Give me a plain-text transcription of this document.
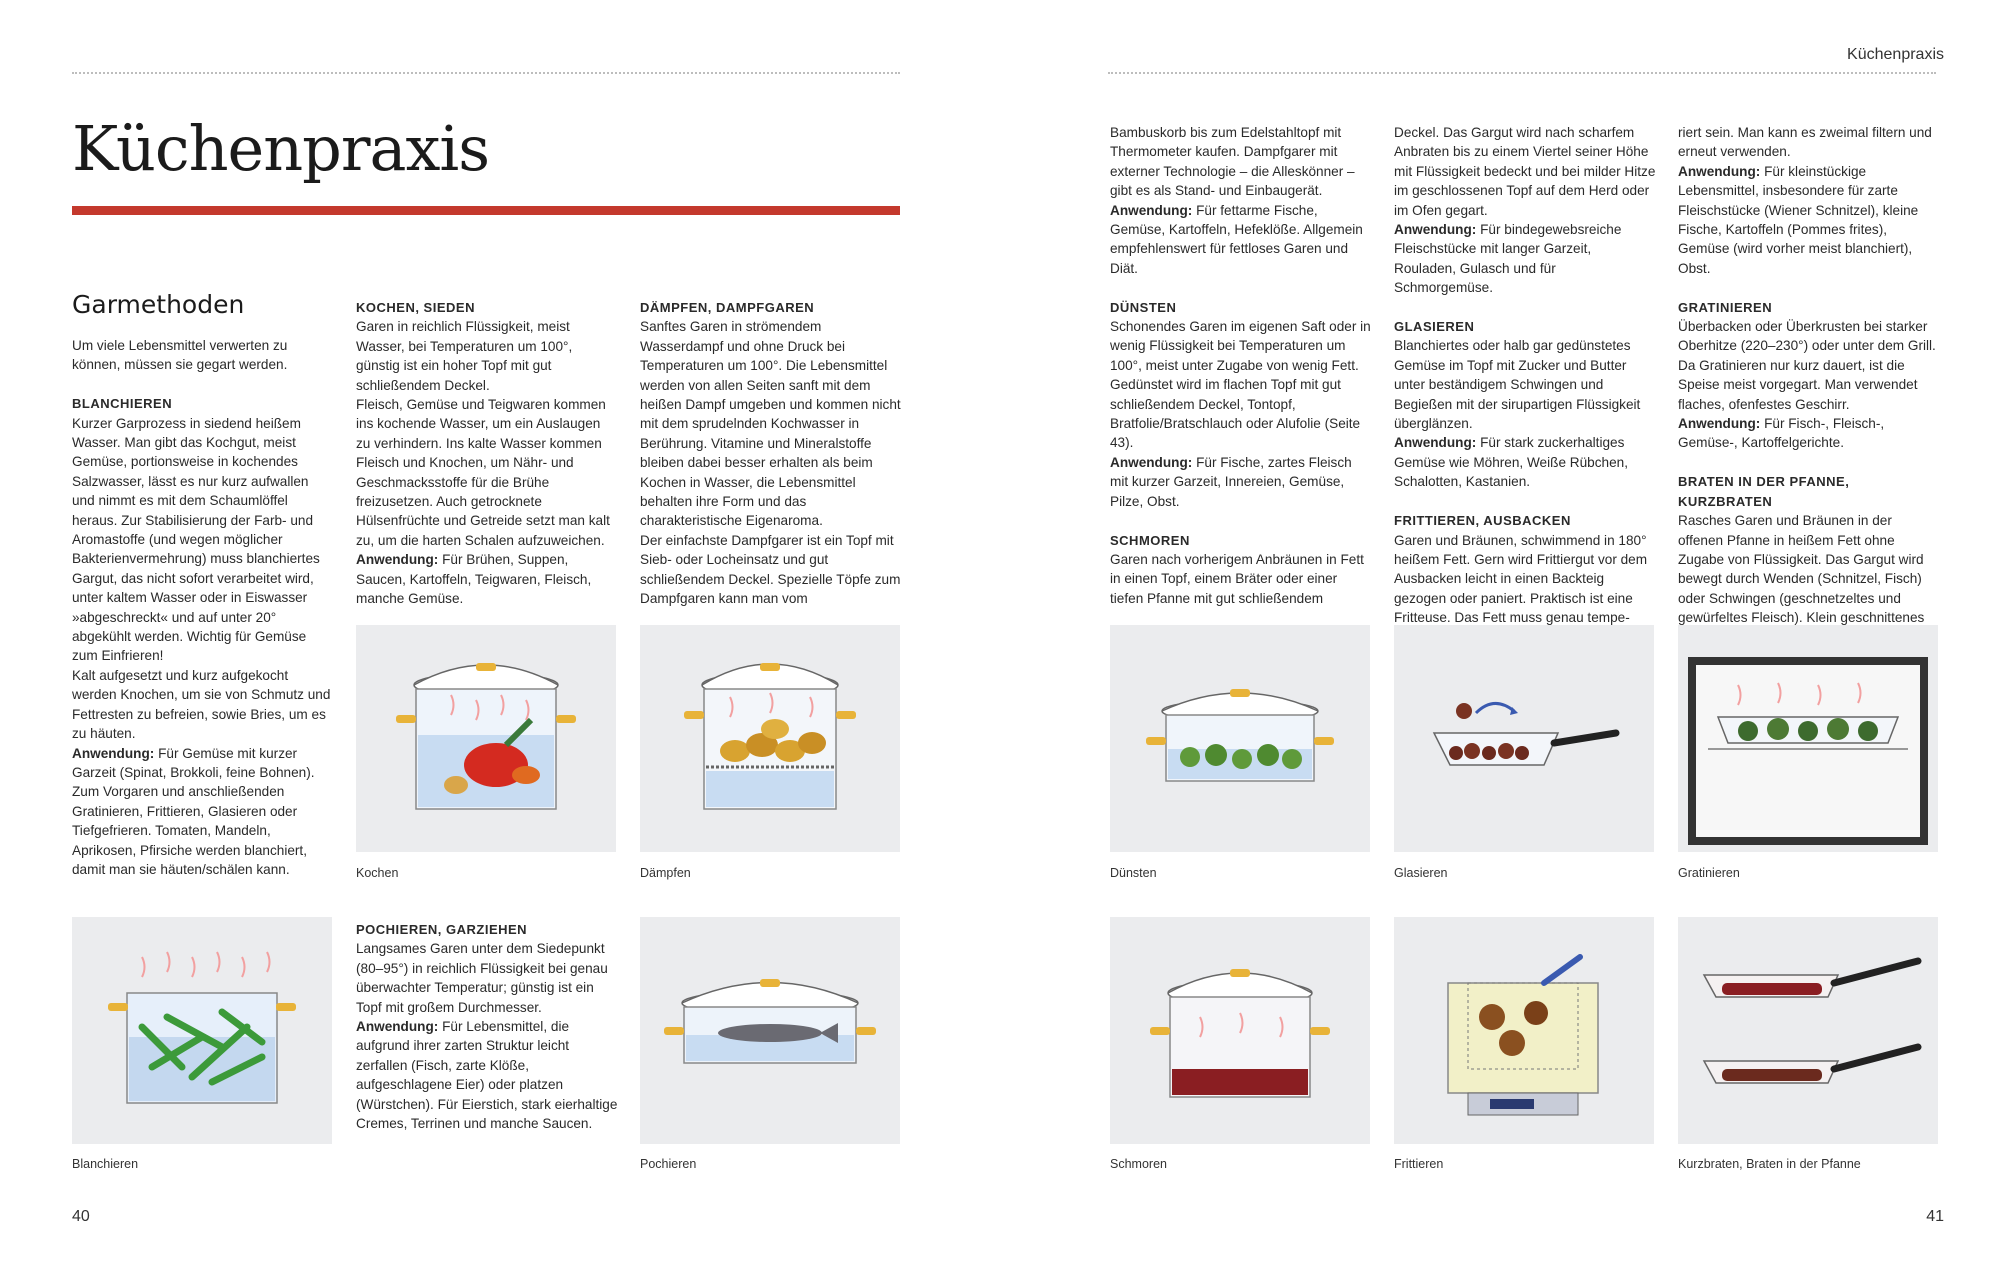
Küchenpraxis
Küchenpraxis
Garmethoden

Um viele Lebensmittel verwerten zu können, müssen sie gegart werden.

BLANCHIEREN

Kurzer Garprozess in siedend heißem Wasser. Man gibt das Kochgut, meist Gemüse, portionsweise in kochendes Salzwasser, lässt es nur kurz aufwallen und nimmt es mit dem Schaumlöffel heraus. Zur Stabilisierung der Farb- und Aromastoffe (und wegen möglicher Bakterienvermehrung) muss blanchiertes Gargut, das nicht sofort verarbeitet wird, unter kaltem Wasser oder in Eiswasser »abgeschreckt« und auf unter 20° abgekühlt werden. Wichtig für Gemüse zum Einfrieren!

Kalt aufgesetzt und kurz aufgekocht werden Knochen, um sie von Schmutz und Fettresten zu befreien, sowie Bries, um es zu häuten.

Anwendung: Für Gemüse mit kurzer Garzeit (Spinat, Brokkoli, feine Bohnen). Zum Vorgaren und anschließenden Gratinieren, Frittieren, Glasieren oder Tiefgefrieren. Tomaten, Mandeln, Aprikosen, Pfirsiche werden blanchiert, damit man sie häuten/schälen kann.

KOCHEN, SIEDEN

Garen in reichlich Flüssigkeit, meist Wasser, bei Temperaturen um 100°, günstig ist ein hoher Topf mit gut schließendem Deckel.

Fleisch, Gemüse und Teigwaren kommen ins kochende Wasser, um ein Auslaugen zu verhindern. Ins kalte Wasser kommen Fleisch und Knochen, um Nähr- und Geschmacksstoffe für die Brühe freizusetzen. Auch getrocknete Hülsenfrüchte und Getreide setzt man kalt zu, um die harten Schalen aufzuweichen.

Anwendung: Für Brühen, Suppen, Saucen, Kartoffeln, Teigwaren, Fleisch, manche Gemüse.

DÄMPFEN, DAMPFGAREN

Sanftes Garen in strömendem Wasserdampf und ohne Druck bei Temperaturen um 100°. Die Lebensmittel werden von allen Seiten sanft mit dem heißen Dampf umgeben und kommen nicht mit dem sprudelnden Kochwasser in Berührung. Vitamine und Mineralstoffe bleiben dabei besser erhalten als beim Kochen in Wasser, die Lebensmittel behalten ihre Form und das charakteristische Eigenaroma.

Der einfachste Dampfgarer ist ein Topf mit Sieb- oder Locheinsatz und gut schließendem Deckel. Spezielle Töpfe zum Dampfgaren kann man vom

POCHIEREN, GARZIEHEN

Langsames Garen unter dem Siedepunkt (80–95°) in reichlich Flüssigkeit bei genau überwachter Temperatur; günstig ist ein Topf mit großem Durchmesser.

Anwendung: Für Lebensmittel, die aufgrund ihrer zarten Struktur leicht zerfallen (Fisch, zarte Klöße, aufgeschlagene Eier) oder platzen (Würstchen). Für Eierstich, stark eierhaltige Cremes, Terrinen und manche Saucen.

Bambuskorb bis zum Edelstahltopf mit Thermometer kaufen. Dampfgarer mit externer Technologie – die Alleskönner – gibt es als Stand- und Einbaugerät.

Anwendung: Für fettarme Fische, Gemüse, Kartoffeln, Hefeklöße. Allgemein empfehlenswert für fettloses Garen und Diät.

DÜNSTEN

Schonendes Garen im eigenen Saft oder in wenig Flüssigkeit bei Temperaturen um 100°, meist unter Zugabe von wenig Fett. Gedünstet wird im flachen Topf mit gut schließendem Deckel, Tontopf, Bratfolie/Bratschlauch oder Alufolie (Seite 43).

Anwendung: Für Fische, zartes Fleisch mit kurzer Garzeit, Innereien, Gemüse, Pilze, Obst.

SCHMOREN

Garen nach vorherigem Anbräunen in Fett in einen Topf, einem Bräter oder einer tiefen Pfanne mit gut schließendem

Deckel. Das Gargut wird nach scharfem Anbraten bis zu einem Viertel seiner Höhe mit Flüssigkeit bedeckt und bei milder Hitze im geschlossenen Topf auf dem Herd oder im Ofen gegart.

Anwendung: Für bindegewebsreiche Fleischstücke mit langer Garzeit, Rouladen, Gulasch und für Schmorgemüse.

GLASIEREN

Blanchiertes oder halb gar gedünstetes Gemüse im Topf mit Zucker und Butter unter beständigem Schwingen und Begießen mit der sirupartigen Flüssigkeit überglänzen.

Anwendung: Für stark zuckerhaltiges Gemüse wie Möhren, Weiße Rübchen, Schalotten, Kastanien.

FRITTIEREN, AUSBACKEN

Garen und Bräunen, schwimmend in 180° heißem Fett. Gern wird Frittiergut vor dem Ausbacken leicht in einen Backteig gezogen oder paniert. Praktisch ist eine Fritteuse. Das Fett muss genau tempe-

riert sein. Man kann es zweimal filtern und erneut verwenden.

Anwendung: Für kleinstückige Lebensmittel, insbesondere für zarte Fleischstücke (Wiener Schnitzel), kleine Fische, Kartoffeln (Pommes frites), Gemüse (wird vorher meist blanchiert), Obst.

GRATINIEREN

Überbacken oder Überkrusten bei starker Oberhitze (220–230°) oder unter dem Grill. Da Gratinieren nur kurz dauert, ist die Speise meist vorgegart. Man verwendet flaches, ofenfestes Geschirr.

Anwendung: Für Fisch-, Fleisch-, Gemüse-, Kartoffelgerichte.

BRATEN IN DER PFANNE, KURZBRATEN

Rasches Garen und Bräunen in der offenen Pfanne in heißem Fett ohne Zugabe von Flüssigkeit. Das Gargut wird bewegt durch Wenden (Schnitzel, Fisch) oder Schwingen (geschnetzeltes und gewürfeltes Fleisch). Klein geschnittenes

Kochen	Dämpfen
Blanchieren	Pochieren
Dünsten	Glasieren	Gratinieren
Schmoren	Frittieren	Kurzbraten, Braten in der Pfanne
40	41
